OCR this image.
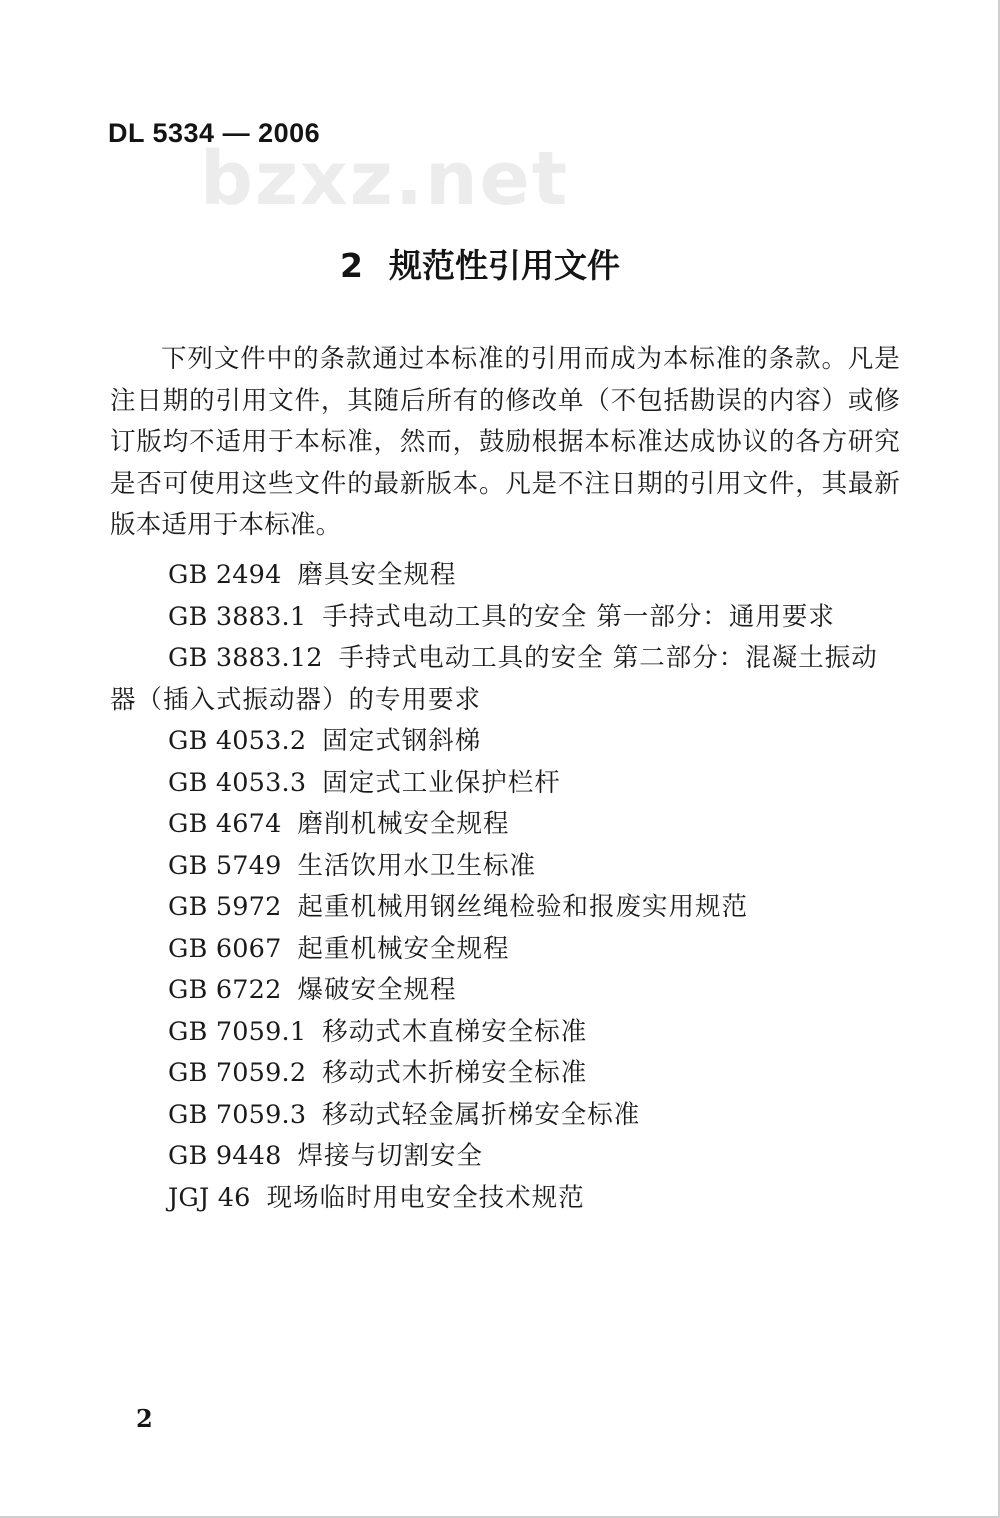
DL 5334 — 2006
bzxz.net
2 规范性引用文件

下列文件中的条款通过本标准的引用而成为本标准的条款。凡是注日期的引用文件，其随后所有的修改单（不包括勘误的内容）或修订版均不适用于本标准，然而，鼓励根据本标准达成协议的各方研究是否可使用这些文件的最新版本。凡是不注日期的引用文件，其最新版本适用于本标准。

GB 2494 磨具安全规程
GB 3883.1 手持式电动工具的安全 第一部分：通用要求
GB 3883.12 手持式电动工具的安全 第二部分：混凝土振动器（插入式振动器）的专用要求
GB 4053.2 固定式钢斜梯
GB 4053.3 固定式工业保护栏杆
GB 4674 磨削机械安全规程
GB 5749 生活饮用水卫生标准
GB 5972 起重机械用钢丝绳检验和报废实用规范
GB 6067 起重机械安全规程
GB 6722 爆破安全规程
GB 7059.1 移动式木直梯安全标准
GB 7059.2 移动式木折梯安全标准
GB 7059.3 移动式轻金属折梯安全标准
GB 9448 焊接与切割安全
JGJ 46 现场临时用电安全技术规范
2
